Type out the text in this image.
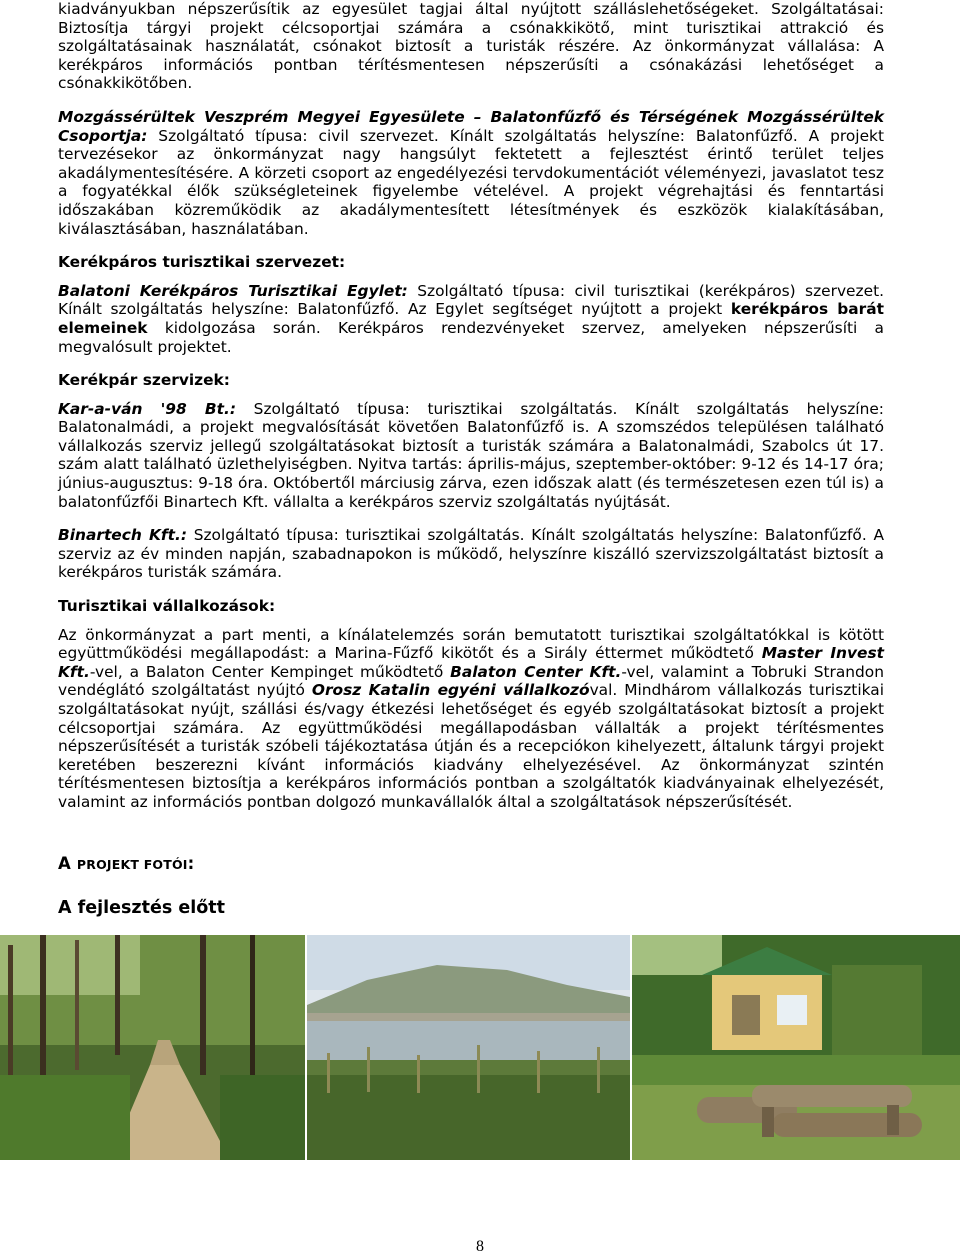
kiadványukban népszerűsítik az egyesület tagjai által nyújtott szálláslehetőségeket. Szolgáltatásai: Biztosítja tárgyi projekt célcsoportjai számára a csónakkikötő, mint turisztikai attrakció és szolgáltatásainak használatát, csónakot biztosít a turisták részére. Az önkormányzat vállalása: A kerékpáros információs pontban térítésmentesen népszerűsíti a csónakázási lehetőséget a csónakkikötőben.

Mozgássérültek Veszprém Megyei Egyesülete – Balatonfűzfő és Térségének Mozgássérültek Csoportja: Szolgáltató típusa: civil szervezet. Kínált szolgáltatás helyszíne: Balatonfűzfő. A projekt tervezésekor az önkormányzat nagy hangsúlyt fektetett a fejlesztést érintő terület teljes akadálymentesítésére. A körzeti csoport az engedélyezési tervdokumentációt véleményezi, javaslatot tesz a fogyatékkal élők szükségleteinek figyelembe vételével. A projekt végrehajtási és fenntartási időszakában közreműködik az akadálymentesített létesítmények és eszközök kialakításában, kiválasztásában, használatában.

Kerékpáros turisztikai szervezet:

Balatoni Kerékpáros Turisztikai Egylet: Szolgáltató típusa: civil turisztikai (kerékpáros) szervezet. Kínált szolgáltatás helyszíne: Balatonfűzfő. Az Egylet segítséget nyújtott a projekt kerékpáros barát elemeinek kidolgozása során. Kerékpáros rendezvényeket szervez, amelyeken népszerűsíti a megvalósult projektet.

Kerékpár szervizek:

Kar-a-ván '98 Bt.: Szolgáltató típusa: turisztikai szolgáltatás. Kínált szolgáltatás helyszíne: Balatonalmádi, a projekt megvalósítását követően Balatonfűzfő is. A szomszédos településen található vállalkozás szerviz jellegű szolgáltatásokat biztosít a turisták számára a Balatonalmádi, Szabolcs út 17. szám alatt található üzlethelyiségben. Nyitva tartás: április-május, szeptember-október: 9-12 és 14-17 óra; június-augusztus: 9-18 óra. Októbertől márciusig zárva, ezen időszak alatt (és természetesen ezen túl is) a balatonfűzfői Binartech Kft. vállalta a kerékpáros szerviz szolgáltatás nyújtását.

Binartech Kft.: Szolgáltató típusa: turisztikai szolgáltatás. Kínált szolgáltatás helyszíne: Balatonfűzfő. A szerviz az év minden napján, szabadnapokon is működő, helyszínre kiszálló szervizszolgáltatást biztosít a kerékpáros turisták számára.

Turisztikai vállalkozások:

Az önkormányzat a part menti, a kínálatelemzés során bemutatott turisztikai szolgáltatókkal is kötött együttműködési megállapodást: a Marina-Fűzfő kikötőt és a Sirály éttermet működtető Master Invest Kft.-vel, a Balaton Center Kempinget működtető Balaton Center Kft.-vel, valamint a Tobruki Strandon vendéglátó szolgáltatást nyújtó Orosz Katalin egyéni vállalkozóval. Mindhárom vállalkozás turisztikai szolgáltatásokat nyújt, szállási és/vagy étkezési lehetőséget és egyéb szolgáltatásokat biztosít a projekt célcsoportjai számára. Az együttműködési megállapodásban vállalták a projekt térítésmentes népszerűsítését a turisták szóbeli tájékoztatása útján és a recepciókon kihelyezett, általunk tárgyi projekt keretében beszerezni kívánt információs kiadvány elhelyezésével. Az önkormányzat szintén térítésmentesen biztosítja a kerékpáros információs pontban a szolgáltatók kiadványainak elhelyezését, valamint az információs pontban dolgozó munkavállalók által a szolgáltatások népszerűsítését.

A PROJEKT FOTÓI:

A fejlesztés előtt

8
